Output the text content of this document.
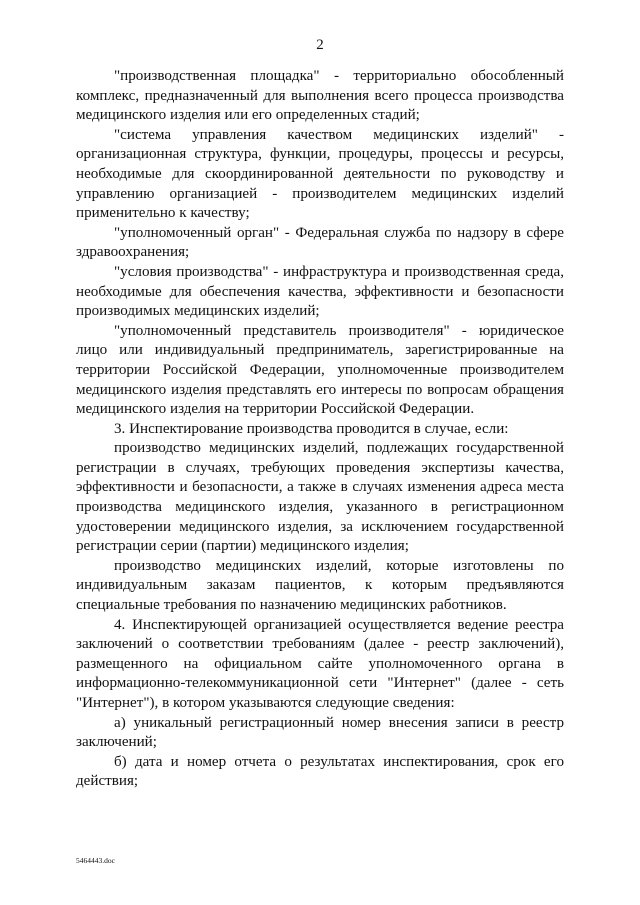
2

"производственная площадка" - территориально обособленный комплекс, предназначенный для выполнения всего процесса производства медицинского изделия или его определенных стадий;

"система управления качеством медицинских изделий" - организационная структура, функции, процедуры, процессы и ресурсы, необходимые для скоординированной деятельности по руководству и управлению организацией - производителем медицинских изделий применительно к качеству;

"уполномоченный орган" - Федеральная служба по надзору в сфере здравоохранения;

"условия производства" - инфраструктура и производственная среда, необходимые для обеспечения качества, эффективности и безопасности производимых медицинских изделий;

"уполномоченный представитель производителя" - юридическое лицо или индивидуальный предприниматель, зарегистрированные на территории Российской Федерации, уполномоченные производителем медицинского изделия представлять его интересы по вопросам обращения медицинского изделия на территории Российской Федерации.

3. Инспектирование производства проводится в случае, если:

производство медицинских изделий, подлежащих государственной регистрации в случаях, требующих проведения экспертизы качества, эффективности и безопасности, а также в случаях изменения адреса места производства медицинского изделия, указанного в регистрационном удостоверении медицинского изделия, за исключением государственной регистрации серии (партии) медицинского изделия;

производство медицинских изделий, которые изготовлены по индивидуальным заказам пациентов, к которым предъявляются специальные требования по назначению медицинских работников.

4. Инспектирующей организацией осуществляется ведение реестра заключений о соответствии требованиям (далее - реестр заключений), размещенного на официальном сайте уполномоченного органа в информационно-телекоммуникационной сети "Интернет" (далее - сеть "Интернет"), в котором указываются следующие сведения:

а) уникальный регистрационный номер внесения записи в реестр заключений;

б) дата и номер отчета о результатах инспектирования, срок его действия;

5464443.doc
